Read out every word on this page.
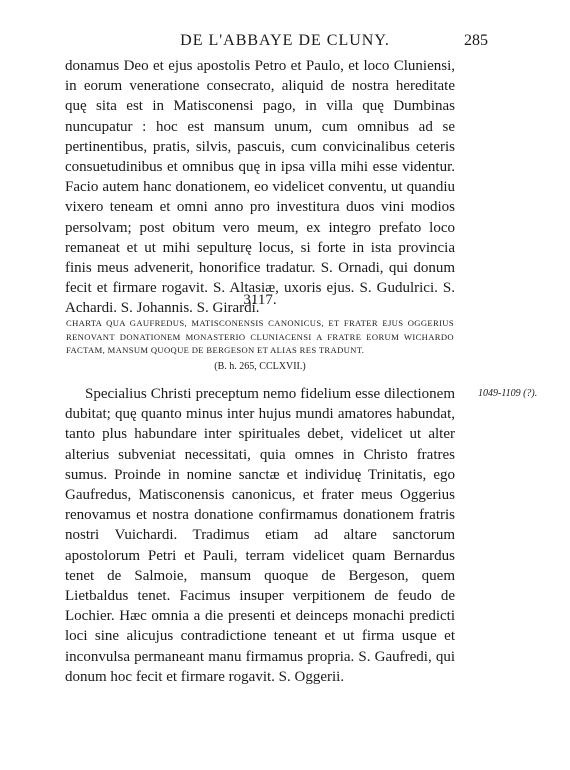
DE L'ABBAYE DE CLUNY.	285

donamus Deo et ejus apostolis Petro et Paulo, et loco Cluniensi, in eorum veneratione consecrato, aliquid de nostra hereditate quę sita est in Matisconensi pago, in villa quę Dumbinas nuncupatur : hoc est mansum unum, cum omnibus ad se pertinentibus, pratis, silvis, pascuis, cum convicinalibus ceteris consuetudinibus et omnibus quę in ipsa villa mihi esse videntur. Facio autem hanc donationem, eo videlicet conventu, ut quandiu vixero teneam et omni anno pro investitura duos vini modios persolvam; post obitum vero meum, ex integro prefato loco remaneat et ut mihi sepulturę locus, si forte in ista provincia finis meus advenerit, honorifice tradatur. S. Ornadi, qui donum fecit et firmare rogavit. S. Altasiæ, uxoris ejus. S. Gudulrici. S. Achardi. S. Johannis. S. Girardi.

3117.

CHARTA QUA GAUFREDUS, MATISCONENSIS CANONICUS, ET FRATER EJUS OGGERIUS RENOVANT DONATIONEM MONASTERIO CLUNIACENSI A FRATRE EORUM WICHARDO FACTAM, MANSUM QUOQUE DE BERGESON ET ALIAS RES TRADUNT.

(B. h. 265, CCLXVII.)
1049-1109 (?).

Specialius Christi preceptum nemo fidelium esse dilectionem dubitat; quę quanto minus inter hujus mundi amatores habundat, tanto plus habundare inter spirituales debet, videlicet ut alter alterius subveniat necessitati, quia omnes in Christo fratres sumus. Proinde in nomine sanctæ et individuę Trinitatis, ego Gaufredus, Matisconensis canonicus, et frater meus Oggerius renovamus et nostra donatione confirmamus donationem fratris nostri Vuichardi. Tradimus etiam ad altare sanctorum apostolorum Petri et Pauli, terram videlicet quam Bernardus tenet de Salmoie, mansum quoque de Bergeson, quem Lietbaldus tenet. Facimus insuper verpitionem de feudo de Lochier. Hæc omnia a die presenti et deinceps monachi predicti loci sine alicujus contradictione teneant et ut firma usque et inconvulsa permaneant manu firmamus propria. S. Gaufredi, qui donum hoc fecit et firmare rogavit. S. Oggerii.
